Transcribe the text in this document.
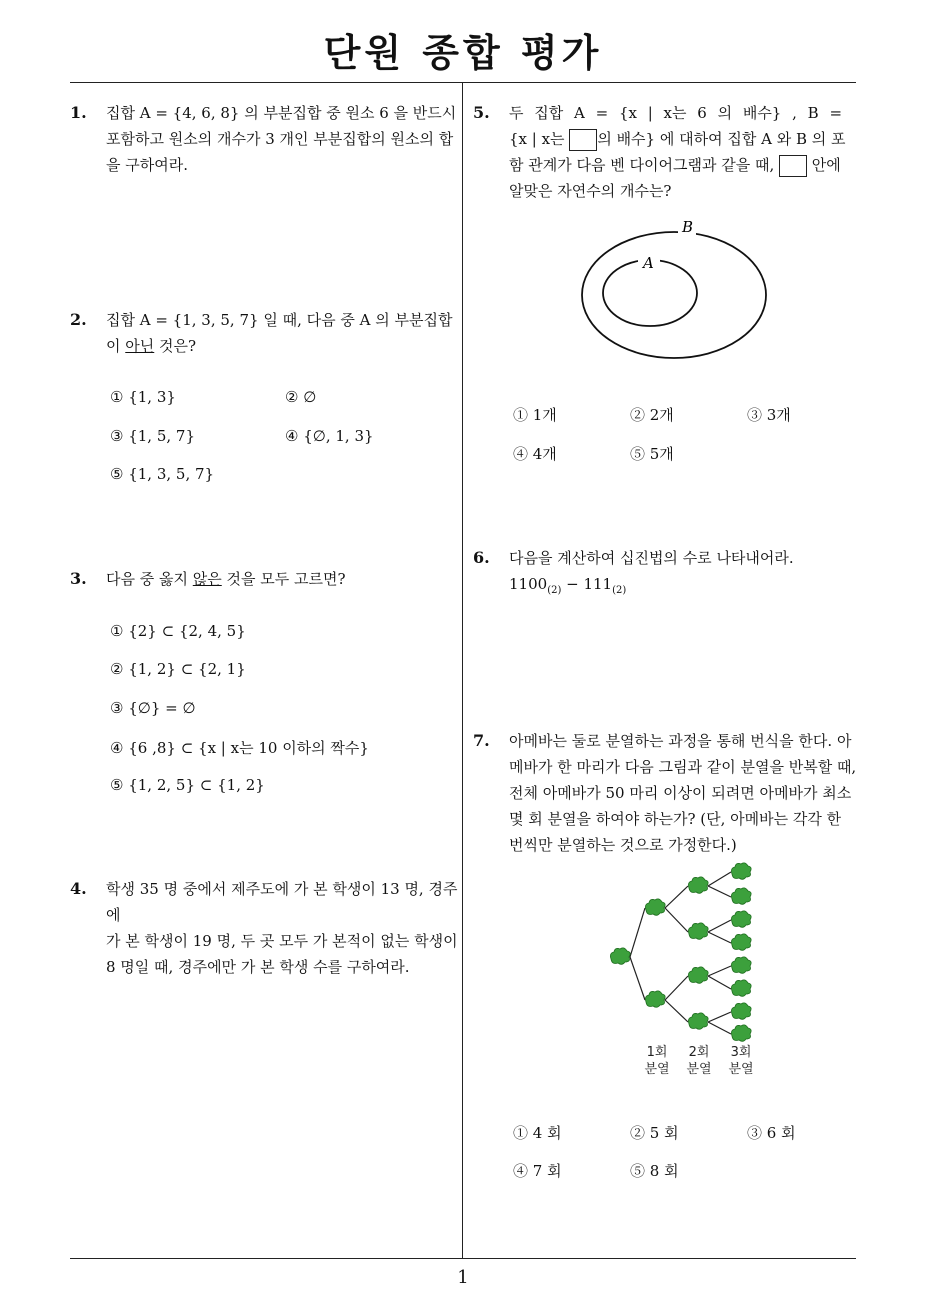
단원 종합 평가
1
1. 집합 A = {4, 6, 8} 의 부분집합 중 원소 6 을 반드시
포함하고 원소의 개수가 3 개인 부분집합의 원소의 합
을 구하여라.
2. 집합 A = {1, 3, 5, 7} 일 때, 다음 중 A 의 부분집합
이 아닌 것은?
① {1, 3}	② ∅
③ {1, 5, 7}	④ {∅, 1, 3}
⑤ {1, 3, 5, 7}
3. 다음 중 옳지 않은 것을 모두 고르면?
① {2} ⊂ {2, 4, 5}
② {1, 2} ⊂ {2, 1}
③ {∅} = ∅
④ {6 ,8} ⊂ {x | x는 10 이하의 짝수}
⑤ {1, 2, 5} ⊂ {1, 2}
4. 학생 35 명 중에서 제주도에 가 본 학생이 13 명, 경주에
가 본 학생이 19 명, 두 곳 모두 가 본적이 없는 학생이
8 명일 때, 경주에만 가 본 학생 수를 구하여라.
5. 두 집합 A = {x | x는 6 의 배수} , B =
{x | x는 의 배수} 에 대하여 집합 A 와 B 의 포
함 관계가 다음 벤 다이어그램과 같을 때,  안에
알맞은 자연수의 개수는?
B
A
① 1개	② 2개	③ 3개
④ 4개	⑤ 5개
6. 다음을 계산하여 십진법의 수로 나타내어라.
$1100_{(2)} - 111_{(2)}$
7. 아메바는 둘로 분열하는 과정을 통해 번식을 한다. 아
메바가 한 마리가 다음 그림과 같이 분열을 반복할 때,
전체 아메바가 50 마리 이상이 되려면 아메바가 최소
몇 회 분열을 하여야 하는가? (단, 아메바는 각각 한
번씩만 분열하는 것으로 가정한다.)
1회
분열
2회
분열
3회
분열
① 4 회	② 5 회	③ 6 회
④ 7 회	⑤ 8 회
